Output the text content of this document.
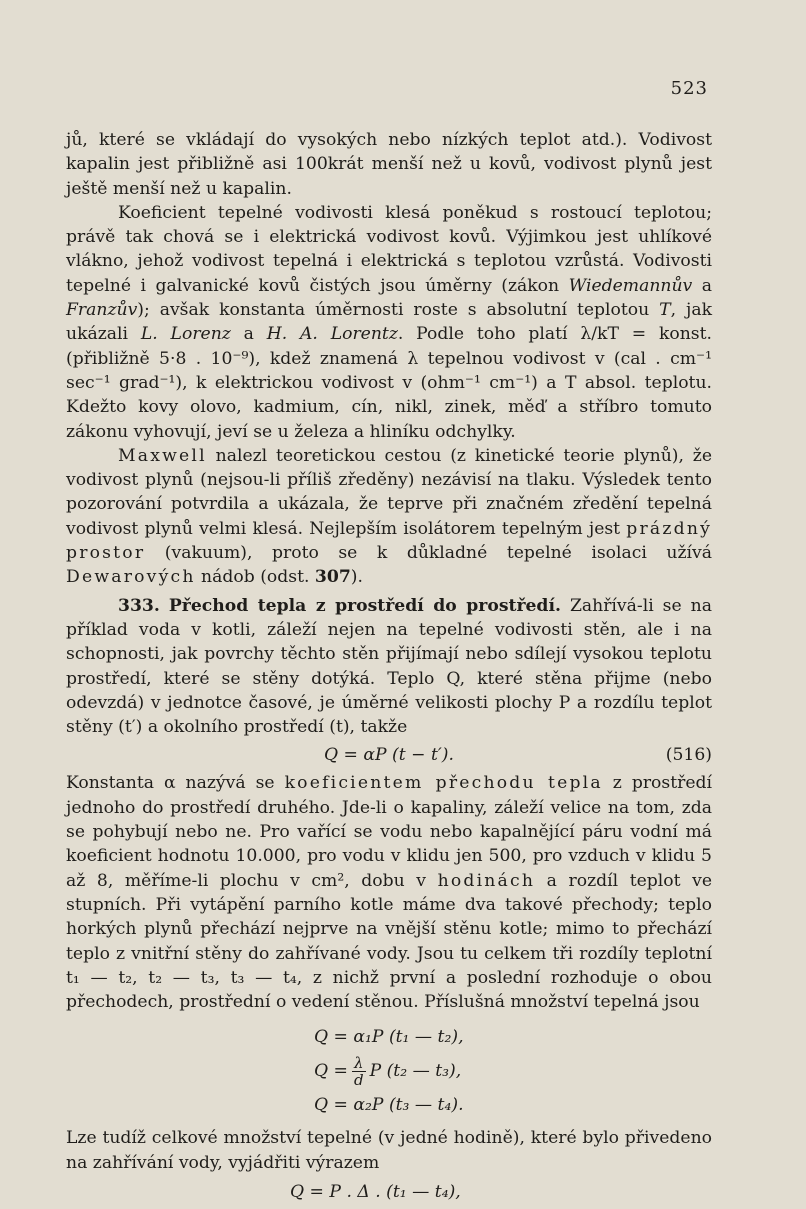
523

jů, které se vkládají do vysokých nebo nízkých teplot atd.). Vodivost kapalin jest přibližně asi 100krát menší než u kovů, vodivost plynů jest ještě menší než u kapalin.

Koeficient tepelné vodivosti klesá poněkud s rostoucí teplotou; právě tak chová se i elektrická vodivost kovů. Výjimkou jest uhlíkové vlákno, jehož vodivost tepelná i elektrická s teplotou vzrůstá. Vodivosti tepelné i galvanické kovů čistých jsou úměrny (zákon Wiedemannův a Franzův); avšak konstanta úměrnosti roste s absolutní teplotou T, jak ukázali L. Lorenz a H. A. Lorentz. Podle toho platí λ/kT = konst. (přibližně 5·8 . 10⁻⁹), kdež znamená λ tepelnou vodivost v (cal . cm⁻¹ sec⁻¹ grad⁻¹), k elektrickou vodivost v (ohm⁻¹ cm⁻¹) a T absol. teplotu. Kdežto kovy olovo, kadmium, cín, nikl, zinek, měď a stříbro tomuto zákonu vyhovují, jeví se u železa a hliníku odchylky.

Maxwell nalezl teoretickou cestou (z kinetické teorie plynů), že vodivost plynů (nejsou-li příliš zředěny) nezávisí na tlaku. Výsledek tento pozorování potvrdila a ukázala, že teprve při značném zředění tepelná vodivost plynů velmi klesá. Nejlepším isolátorem tepelným jest prázdný prostor (vakuum), proto se k důkladné tepelné isolaci užívá Dewarových nádob (odst. 307).

333. Přechod tepla z prostředí do prostředí. Zahřívá-li se na příklad voda v kotli, záleží nejen na tepelné vodivosti stěn, ale i na schopnosti, jak povrchy těchto stěn přijímají nebo sdílejí vysokou teplotu prostředí, které se stěny dotýká. Teplo Q, které stěna přijme (nebo odevzdá) v jednotce časové, je úměrné velikosti plochy P a rozdílu teplot stěny (t′) a okolního prostředí (t), takže

Q = αP (t − t′).	(516)

Konstanta α nazývá se koeficientem přechodu tepla z prostředí jednoho do prostředí druhého. Jde-li o kapaliny, záleží velice na tom, zda se pohybují nebo ne. Pro vařící se vodu nebo kapalnějící páru vodní má koeficient hodnotu 10.000, pro vodu v klidu jen 500, pro vzduch v klidu 5 až 8, měříme-li plochu v cm², dobu v hodinách a rozdíl teplot ve stupních. Při vytápění parního kotle máme dva takové přechody; teplo horkých plynů přechází nejprve na vnější stěnu kotle; mimo to přechází teplo z vnitřní stěny do zahřívané vody. Jsou tu celkem tři rozdíly teplotní t₁ — t₂, t₂ — t₃, t₃ — t₄, z nichž první a poslední rozhoduje o obou přechodech, prostřední o vedení stěnou. Příslušná množství tepelná jsou

Q = α₁P (t₁ — t₂),
$Q = \frac{\lambda}{d}$ P (t₂ — t₃),
Q = α₂P (t₃ — t₄).

Lze tudíž celkové množství tepelné (v jedné hodině), které bylo přivedeno na zahřívání vody, vyjádřiti výrazem

Q = P . Δ . (t₁ — t₄),
